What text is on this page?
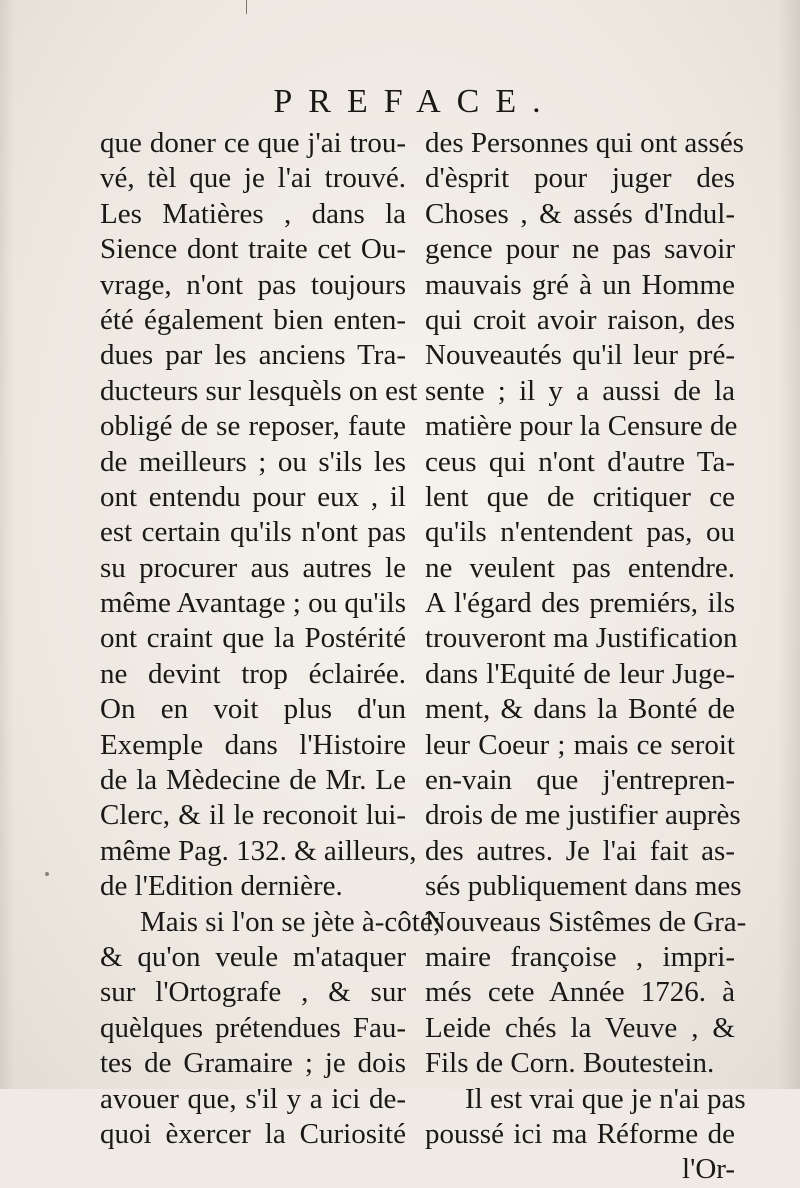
PREFACE.
que doner ce que j'ai trou-
vé, tèl que je l'ai trouvé.
Les Matières , dans la
Sience dont traite cet Ou-
vrage, n'ont pas toujours
été également bien enten-
dues par les anciens Tra-
ducteurs sur lesquèls on est
obligé de se reposer, faute
de meilleurs ; ou s'ils les
ont entendu pour eux , il
est certain qu'ils n'ont pas
su procurer aus autres le
même Avantage ; ou qu'ils
ont craint que la Postérité
ne devint trop éclairée.
On en voit plus d'un
Exemple dans l'Histoire
de la Mèdecine de Mr. Le
Clerc, & il le reconoit lui-
même Pag. 132. & ailleurs,
de l'Edition dernière.
Mais si l'on se jète à-côté;
& qu'on veule m'ataquer
sur l'Ortografe , & sur
quèlques prétendues Fau-
tes de Gramaire ; je dois
avouer que, s'il y a ici de-
quoi èxercer la Curiosité
des Personnes qui ont assés
d'èsprit pour juger des
Choses , & assés d'Indul-
gence pour ne pas savoir
mauvais gré à un Homme
qui croit avoir raison, des
Nouveautés qu'il leur pré-
sente ; il y a aussi de la
matière pour la Censure de
ceus qui n'ont d'autre Ta-
lent que de critiquer ce
qu'ils n'entendent pas, ou
ne veulent pas entendre.
A l'égard des premiérs, ils
trouveront ma Justification
dans l'Equité de leur Juge-
ment, & dans la Bonté de
leur Coeur ; mais ce seroit
en-vain que j'entrepren-
drois de me justifier auprès
des autres. Je l'ai fait as-
sés publiquement dans mes
Nouveaus Sistêmes de Gra-
maire françoise , impri-
més cete Année 1726. à
Leide chés la Veuve , &
Fils de Corn. Boutestein.
Il est vrai que je n'ai pas
poussé ici ma Réforme de
l'Or-
